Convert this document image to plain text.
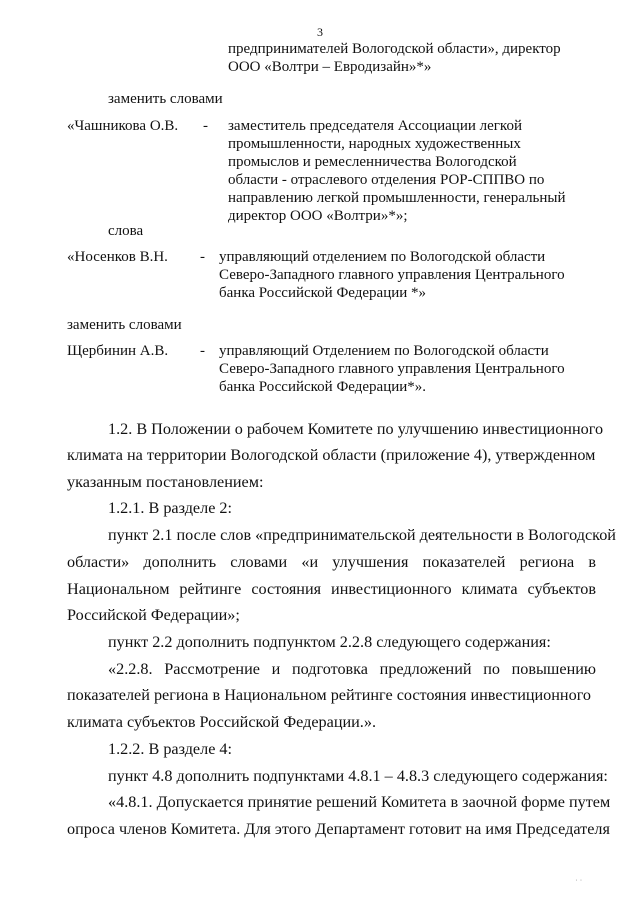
3
предпринимателей Вологодской области», директор
ООО «Волтри – Евродизайн»*»
заменить словами
«Чашникова О.В. - заместитель председателя Ассоциации легкой
промышленности, народных художественных
промыслов и ремесленничества Вологодской
области - отраслевого отделения РОР-СППВО по
направлению легкой промышленности, генеральный
директор ООО «Волтри»*»;
слова
«Носенков В.Н. - управляющий отделением по Вологодской области
Северо-Западного главного управления Центрального
банка Российской Федерации *»
заменить словами
Щербинин А.В. - управляющий Отделением по Вологодской области
Северо-Западного главного управления Центрального
банка Российской Федерации*».
1.2. В Положении о рабочем Комитете по улучшению инвестиционного
климата на территории Вологодской области (приложение 4), утвержденном
указанным постановлением:
1.2.1. В разделе 2:
пункт 2.1 после слов «предпринимательской деятельности в Вологодской
области» дополнить словами «и улучшения показателей региона в
Национальном рейтинге состояния инвестиционного климата субъектов
Российской Федерации»;
пункт 2.2 дополнить подпунктом 2.2.8 следующего содержания:
«2.2.8. Рассмотрение и подготовка предложений по повышению
показателей региона в Национальном рейтинге состояния инвестиционного
климата субъектов Российской Федерации.».
1.2.2. В разделе 4:
пункт 4.8 дополнить подпунктами 4.8.1 – 4.8.3 следующего содержания:
«4.8.1. Допускается принятие решений Комитета в заочной форме путем
опроса членов Комитета. Для этого Департамент готовит на имя Председателя
˙ ˙
